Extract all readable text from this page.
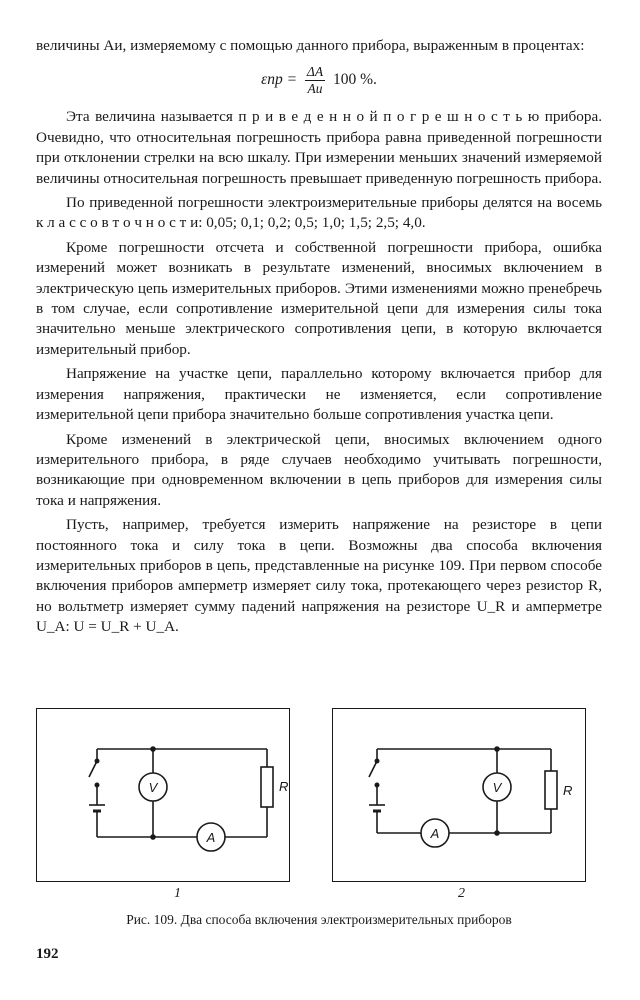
величины Aи, измеряемому с помощью данного прибора, выраженным в процентах:

$\varepsilon пр = \frac{\Delta A}{Aи} 100$ %.

Эта величина называется п р и в е д е н н о й п о г р е ш н о с т ь ю прибора. Очевидно, что относительная погрешность прибора равна приведенной погрешности при отклонении стрелки на всю шкалу. При измерении меньших значений измеряемой величины относительная погрешность превышает приведенную погрешность прибора.

По приведенной погрешности электроизмерительные приборы делятся на восемь к л а с с о в т о ч н о с т и: 0,05; 0,1; 0,2; 0,5; 1,0; 1,5; 2,5; 4,0.

Кроме погрешности отсчета и собственной погрешности прибора, ошибка измерений может возникать в результате изменений, вносимых включением в электрическую цепь измерительных приборов. Этими изменениями можно пренебречь в том случае, если сопротивление измерительной цепи для измерения силы тока значительно меньше электрического сопротивления цепи, в которую включается измерительный прибор.

Напряжение на участке цепи, параллельно которому включается прибор для измерения напряжения, практически не изменяется, если сопротивление измерительной цепи прибора значительно больше сопротивления участка цепи.

Кроме изменений в электрической цепи, вносимых включением одного измерительного прибора, в ряде случаев необходимо учитывать погрешности, возникающие при одновременном включении в цепь приборов для измерения силы тока и напряжения.

Пусть, например, требуется измерить напряжение на резисторе в цепи постоянного тока и силу тока в цепи. Возможны два способа включения измерительных приборов в цепь, представленные на рисунке 109. При первом способе включения приборов амперметр измеряет силу тока, протекающего через резистор R, но вольтметр измеряет сумму падений напряжения на резисторе U_R и амперметре U_A: U = U_R + U_A.

V
A
R
1
V
A
R
2
Рис. 109. Два способа включения электроизмерительных приборов
192
